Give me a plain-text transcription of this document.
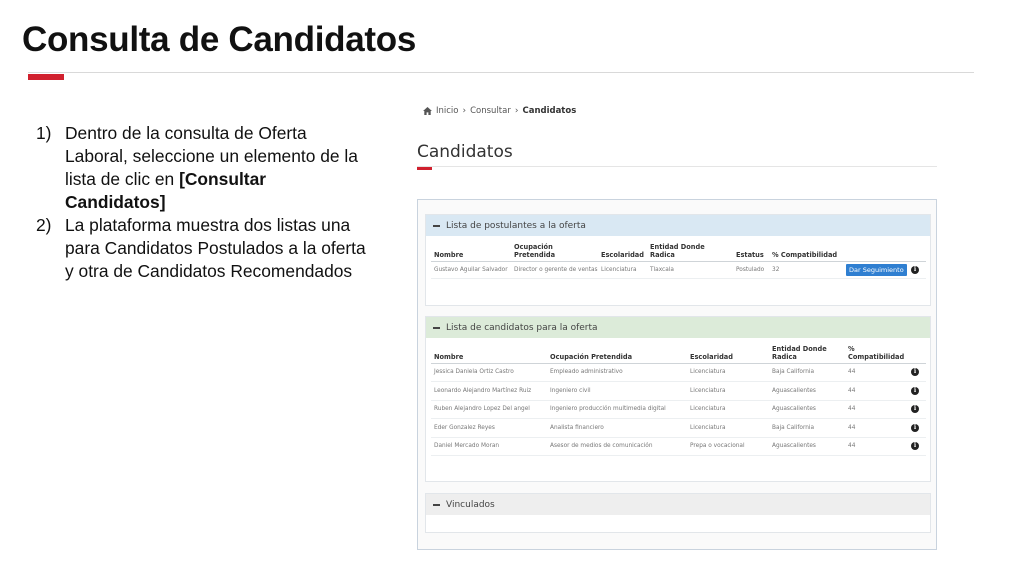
Consulta de Candidatos
1) Dentro de la consulta de Oferta Laboral, seleccione un elemento de la lista de clic en [Consultar Candidatos]
2) La plataforma muestra dos listas una para Candidatos Postulados a la oferta y otra de Candidatos Recomendados
Inicio › Consultar › Candidatos
Candidatos
Lista de postulantes a la oferta
Nombre	Ocupación Pretendida	Escolaridad	Entidad Donde Radica	Estatus	% Compatibilidad		
Gustavo Aguilar Salvador	Director o gerente de ventas	Licenciatura	Tlaxcala	Postulado	32	Dar Seguimiento	i
Lista de candidatos para la oferta
Nombre	Ocupación Pretendida	Escolaridad	Entidad Donde Radica	% Compatibilidad	
Jessica Daniela Ortiz Castro	Empleado administrativo	Licenciatura	Baja California	44	i
Leonardo Alejandro Martínez Ruiz	Ingeniero civil	Licenciatura	Aguascalientes	44	i
Ruben Alejandro Lopez Del angel	Ingeniero producción multimedia digital	Licenciatura	Aguascalientes	44	i
Eder Gonzalez Reyes	Analista financiero	Licenciatura	Baja California	44	i
Daniel Mercado Moran	Asesor de medios de comunicación	Prepa o vocacional	Aguascalientes	44	i
Vinculados
